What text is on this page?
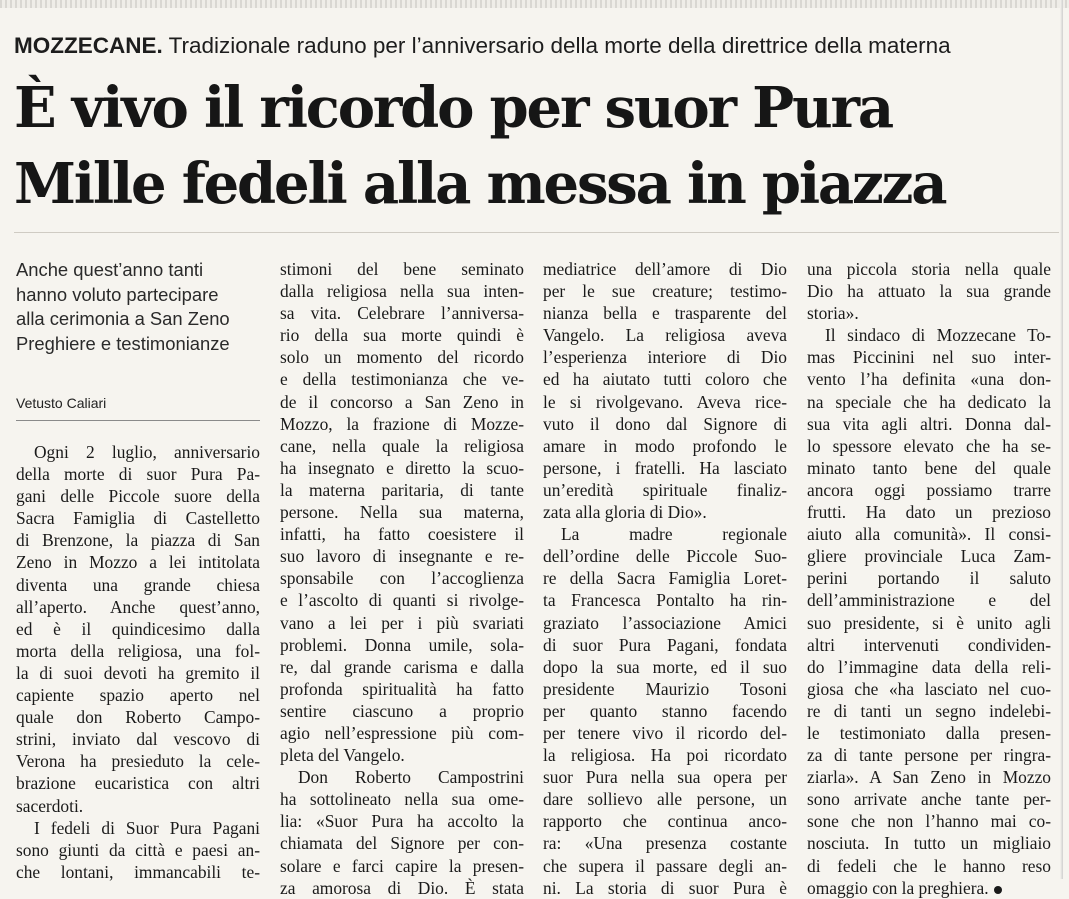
MOZZECANE. Tradizionale raduno per l’anniversario della morte della direttrice della materna
È vivo il ricordo per suor Pura
Mille fedeli alla messa in piazza
Anche quest’anno tanti
hanno voluto partecipare
alla cerimonia a San Zeno
Preghiere e testimonianze
Vetusto Caliari
Ogni 2 luglio, anniversario
della morte di suor Pura Pa-
gani delle Piccole suore della
Sacra Famiglia di Castelletto
di Brenzone, la piazza di San
Zeno in Mozzo a lei intitolata
diventa una grande chiesa
all’aperto. Anche quest’anno,
ed è il quindicesimo dalla
morta della religiosa, una fol-
la di suoi devoti ha gremito il
capiente spazio aperto nel
quale don Roberto Campo-
strini, inviato dal vescovo di
Verona ha presieduto la cele-
brazione eucaristica con altri
sacerdoti.
I fedeli di Suor Pura Pagani
sono giunti da città e paesi an-
che lontani, immancabili te-
stimoni del bene seminato
dalla religiosa nella sua inten-
sa vita. Celebrare l’anniversa-
rio della sua morte quindi è
solo un momento del ricordo
e della testimonianza che ve-
de il concorso a San Zeno in
Mozzo, la frazione di Mozze-
cane, nella quale la religiosa
ha insegnato e diretto la scuo-
la materna paritaria, di tante
persone. Nella sua materna,
infatti, ha fatto coesistere il
suo lavoro di insegnante e re-
sponsabile con l’accoglienza
e l’ascolto di quanti si rivolge-
vano a lei per i più svariati
problemi. Donna umile, sola-
re, dal grande carisma e dalla
profonda spiritualità ha fatto
sentire ciascuno a proprio
agio nell’espressione più com-
pleta del Vangelo.
Don Roberto Campostrini
ha sottolineato nella sua ome-
lia: «Suor Pura ha accolto la
chiamata del Signore per con-
solare e farci capire la presen-
za amorosa di Dio. È stata
mediatrice dell’amore di Dio
per le sue creature; testimo-
nianza bella e trasparente del
Vangelo. La religiosa aveva
l’esperienza interiore di Dio
ed ha aiutato tutti coloro che
le si rivolgevano. Aveva rice-
vuto il dono dal Signore di
amare in modo profondo le
persone, i fratelli. Ha lasciato
un’eredità spirituale finaliz-
zata alla gloria di Dio».
La madre regionale
dell’ordine delle Piccole Suo-
re della Sacra Famiglia Loret-
ta Francesca Pontalto ha rin-
graziato l’associazione Amici
di suor Pura Pagani, fondata
dopo la sua morte, ed il suo
presidente Maurizio Tosoni
per quanto stanno facendo
per tenere vivo il ricordo del-
la religiosa. Ha poi ricordato
suor Pura nella sua opera per
dare sollievo alle persone, un
rapporto che continua anco-
ra: «Una presenza costante
che supera il passare degli an-
ni. La storia di suor Pura è
una piccola storia nella quale
Dio ha attuato la sua grande
storia».
Il sindaco di Mozzecane To-
mas Piccinini nel suo inter-
vento l’ha definita «una don-
na speciale che ha dedicato la
sua vita agli altri. Donna dal-
lo spessore elevato che ha se-
minato tanto bene del quale
ancora oggi possiamo trarre
frutti. Ha dato un prezioso
aiuto alla comunità». Il consi-
gliere provinciale Luca Zam-
perini portando il saluto
dell’amministrazione e del
suo presidente, si è unito agli
altri intervenuti condividen-
do l’immagine data della reli-
giosa che «ha lasciato nel cuo-
re di tanti un segno indelebi-
le testimoniato dalla presen-
za di tante persone per ringra-
ziarla». A San Zeno in Mozzo
sono arrivate anche tante per-
sone che non l’hanno mai co-
nosciuta. In tutto un migliaio
di fedeli che le hanno reso
omaggio con la preghiera.
